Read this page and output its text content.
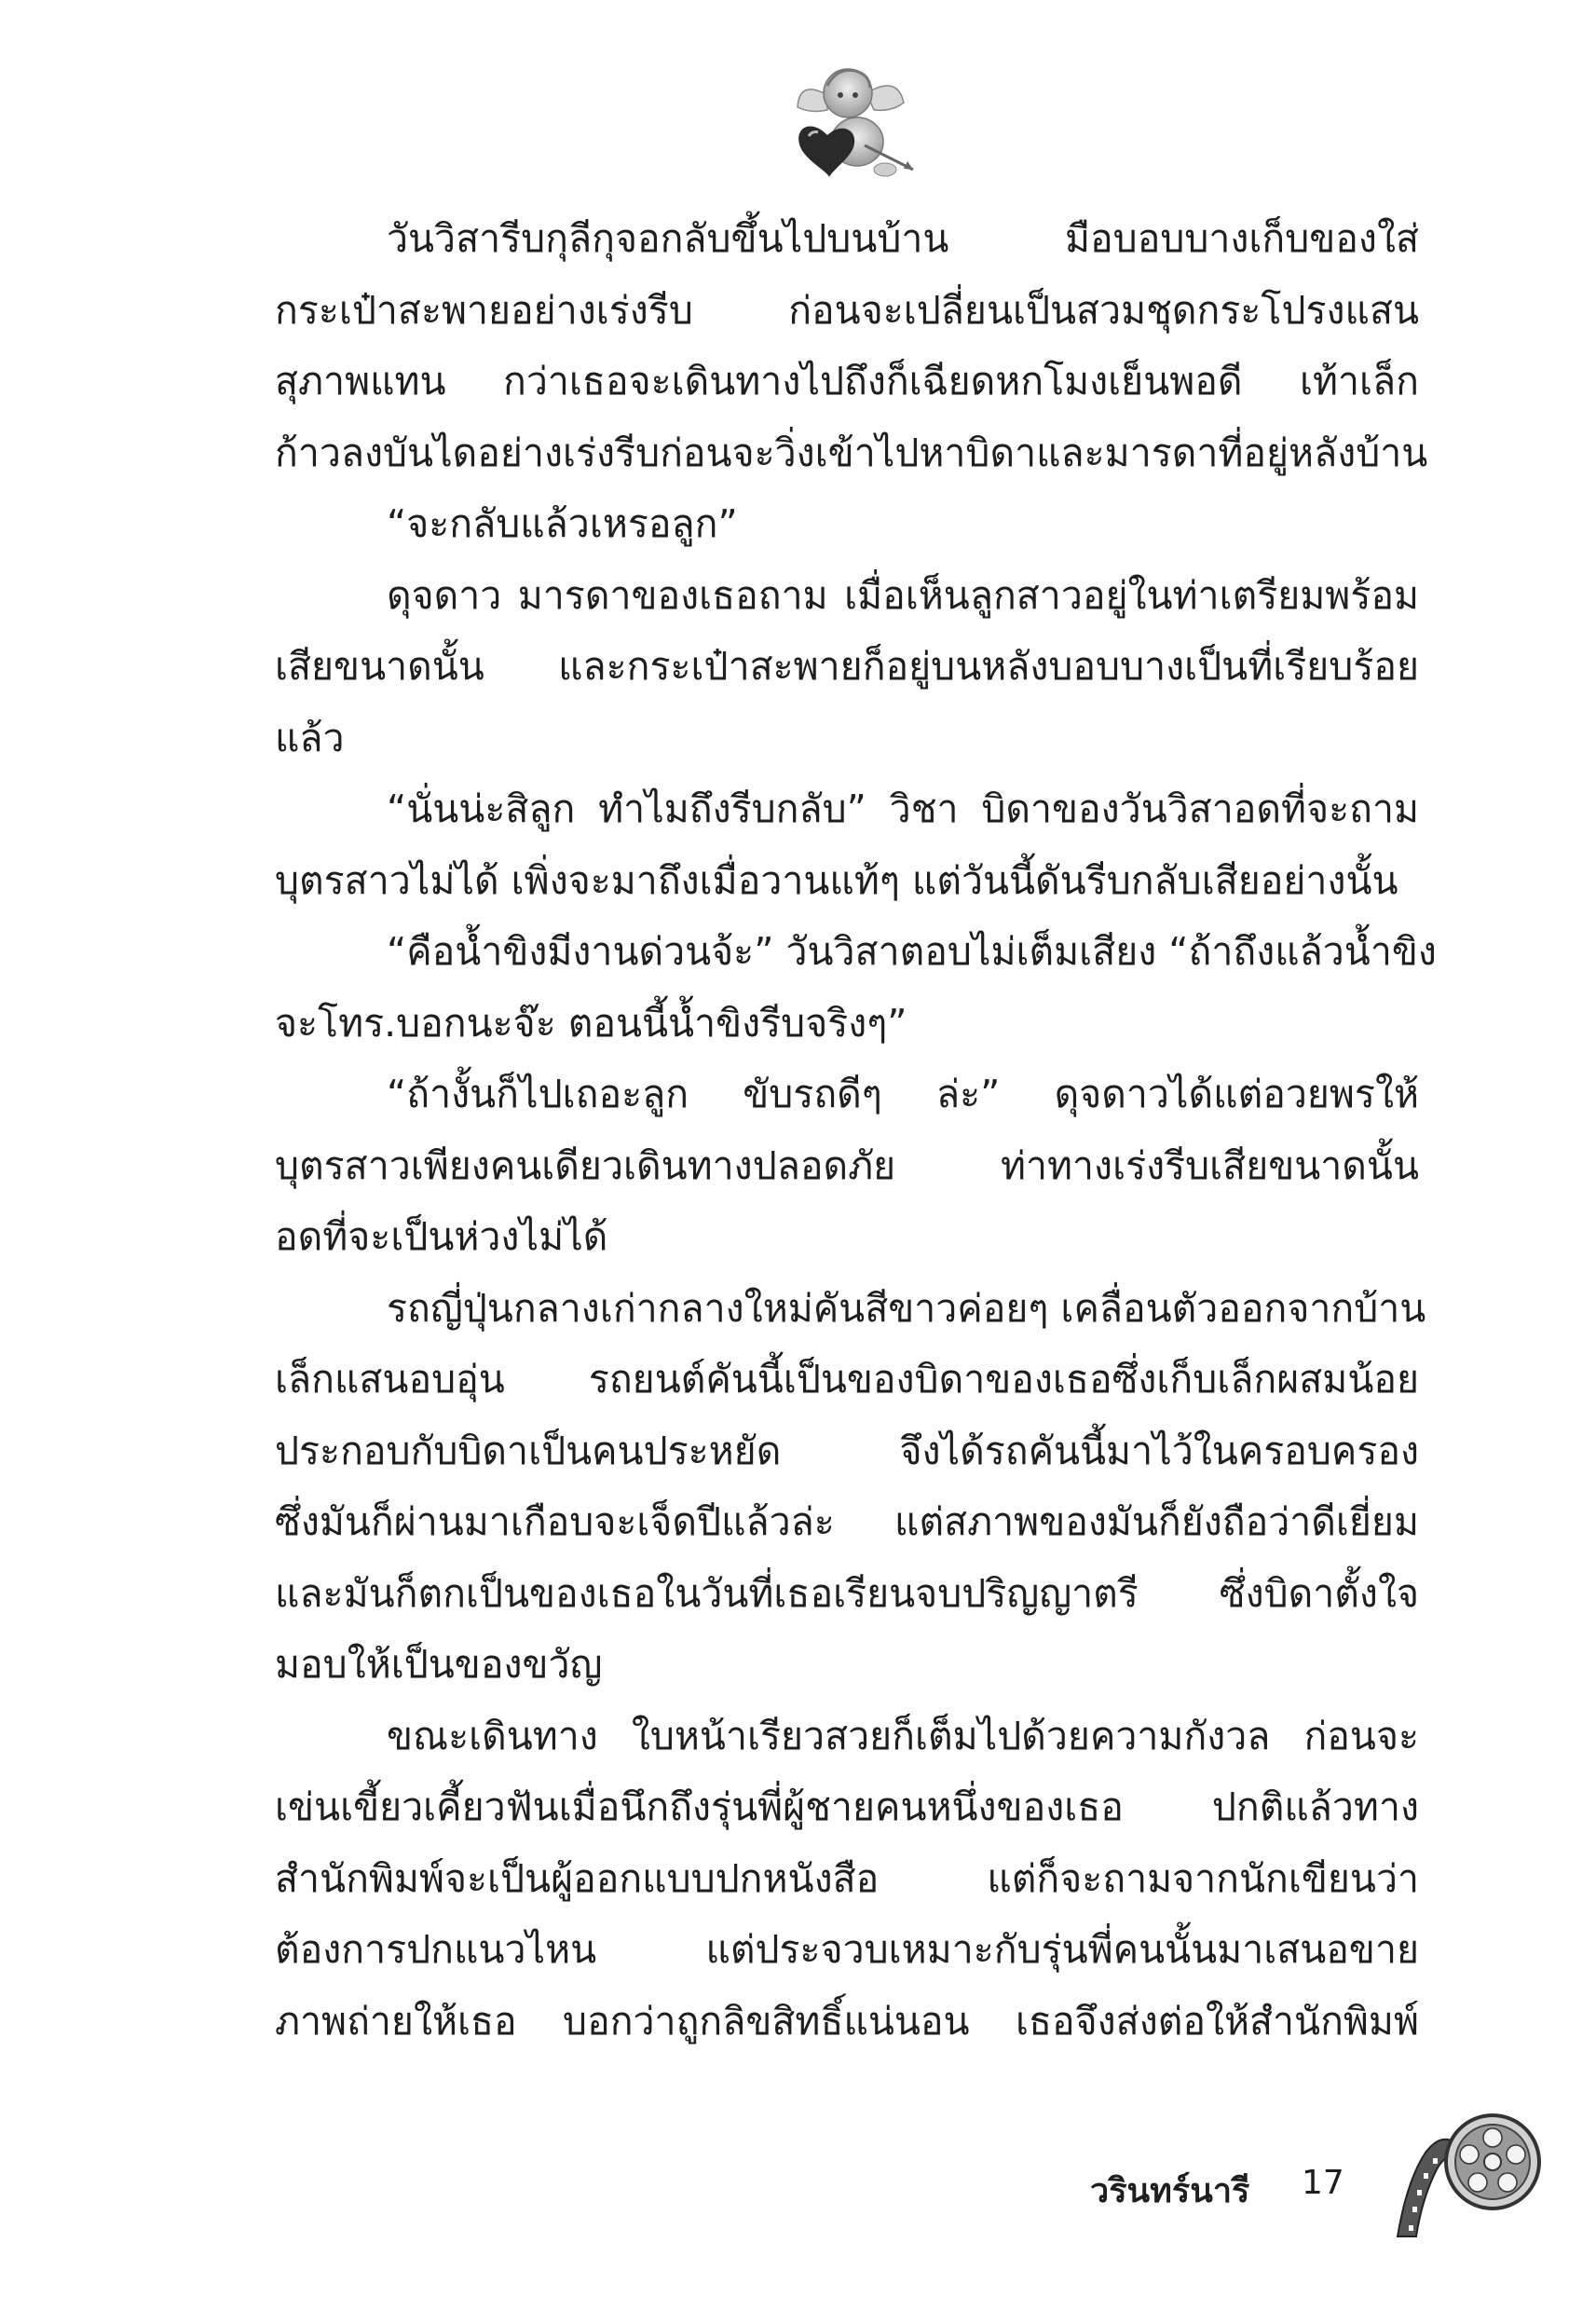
วันวิสารีบกุลีกุจอกลับขึ้นไปบนบ้าน มือบอบบางเก็บของใส่
กระเป๋าสะพายอย่างเร่งรีบ ก่อนจะเปลี่ยนเป็นสวมชุดกระโปรงแสน
สุภาพแทน กว่าเธอจะเดินทางไปถึงก็เฉียดหกโมงเย็นพอดี เท้าเล็ก
ก้าวลงบันไดอย่างเร่งรีบก่อนจะวิ่งเข้าไปหาบิดาและมารดาที่อยู่หลังบ้าน
“จะกลับแล้วเหรอลูก”
ดุจดาว มารดาของเธอถาม เมื่อเห็นลูกสาวอยู่ในท่าเตรียมพร้อม
เสียขนาดนั้น และกระเป๋าสะพายก็อยู่บนหลังบอบบางเป็นที่เรียบร้อย
แล้ว
“นั่นน่ะสิลูก ทำไมถึงรีบกลับ” วิชา บิดาของวันวิสาอดที่จะถาม
บุตรสาวไม่ได้ เพิ่งจะมาถึงเมื่อวานแท้ๆ แต่วันนี้ดันรีบกลับเสียอย่างนั้น
“คือน้ำขิงมีงานด่วนจ้ะ” วันวิสาตอบไม่เต็มเสียง “ถ้าถึงแล้วน้ำขิง
จะโทร.บอกนะจ๊ะ ตอนนี้น้ำขิงรีบจริงๆ”
“ถ้างั้นก็ไปเถอะลูก ขับรถดีๆ ล่ะ” ดุจดาวได้แต่อวยพรให้
บุตรสาวเพียงคนเดียวเดินทางปลอดภัย ท่าทางเร่งรีบเสียขนาดนั้น
อดที่จะเป็นห่วงไม่ได้
รถญี่ปุ่นกลางเก่ากลางใหม่คันสีขาวค่อยๆ เคลื่อนตัวออกจากบ้าน
เล็กแสนอบอุ่น รถยนต์คันนี้เป็นของบิดาของเธอซึ่งเก็บเล็กผสมน้อย
ประกอบกับบิดาเป็นคนประหยัด จึงได้รถคันนี้มาไว้ในครอบครอง
ซึ่งมันก็ผ่านมาเกือบจะเจ็ดปีแล้วล่ะ แต่สภาพของมันก็ยังถือว่าดีเยี่ยม
และมันก็ตกเป็นของเธอในวันที่เธอเรียนจบปริญญาตรี ซึ่งบิดาตั้งใจ
มอบให้เป็นของขวัญ
ขณะเดินทาง ใบหน้าเรียวสวยก็เต็มไปด้วยความกังวล ก่อนจะ
เข่นเขี้ยวเคี้ยวฟันเมื่อนึกถึงรุ่นพี่ผู้ชายคนหนึ่งของเธอ ปกติแล้วทาง
สำนักพิมพ์จะเป็นผู้ออกแบบปกหนังสือ แต่ก็จะถามจากนักเขียนว่า
ต้องการปกแนวไหน แต่ประจวบเหมาะกับรุ่นพี่คนนั้นมาเสนอขาย
ภาพถ่ายให้เธอ บอกว่าถูกลิขสิทธิ์แน่นอน เธอจึงส่งต่อให้สำนักพิมพ์
วรินทร์นารี 17
